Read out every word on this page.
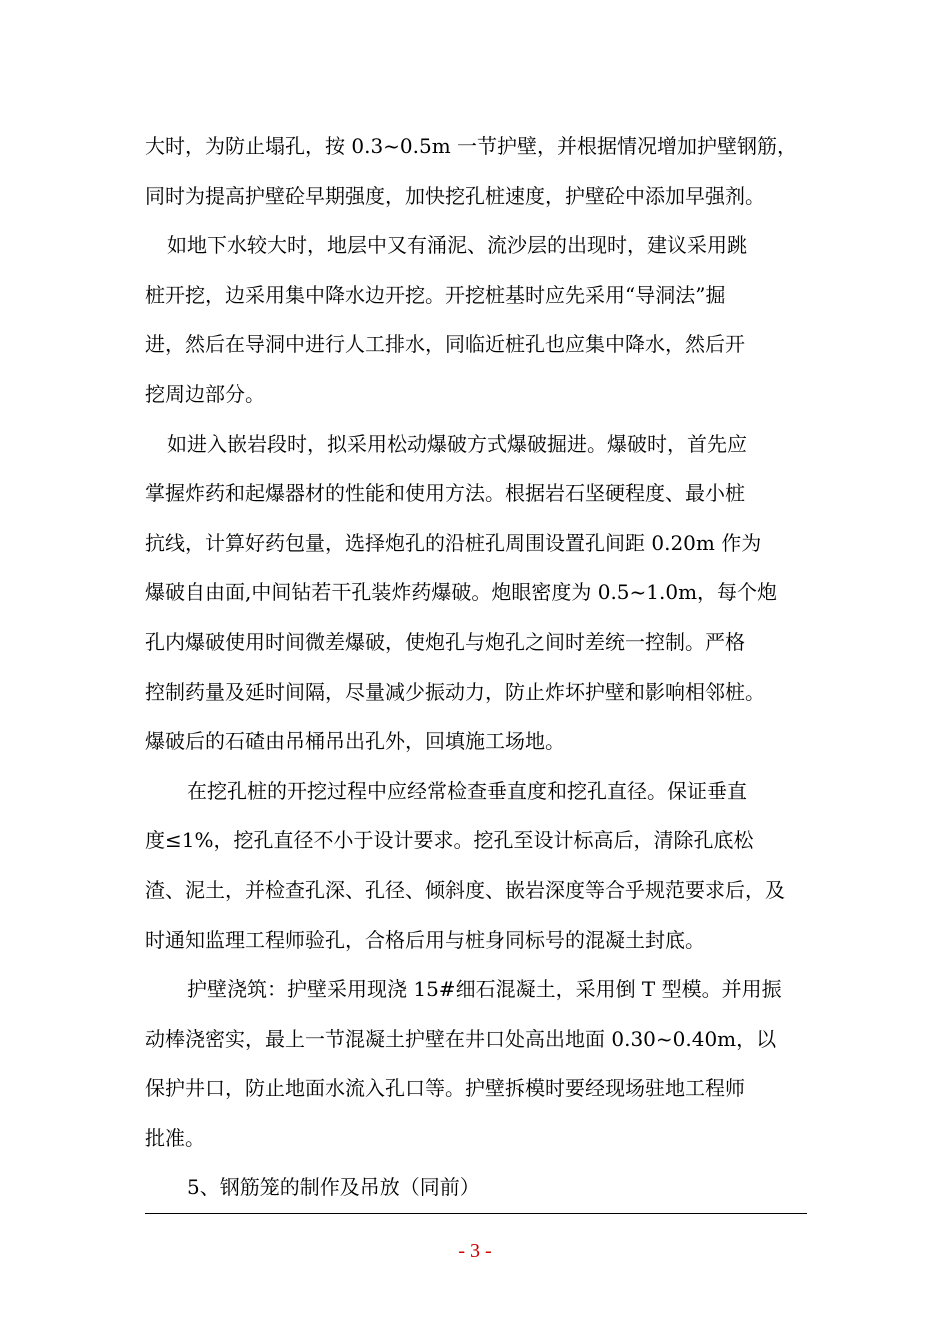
大时，为防止塌孔，按 0.3~0.5m 一节护壁，并根据情况增加护壁钢筋，
同时为提高护壁砼早期强度，加快挖孔桩速度，护壁砼中添加早强剂。
如地下水较大时，地层中又有涌泥、流沙层的出现时，建议采用跳
桩开挖，边采用集中降水边开挖。开挖桩基时应先采用“导洞法”掘
进，然后在导洞中进行人工排水，同临近桩孔也应集中降水，然后开
挖周边部分。
如进入嵌岩段时，拟采用松动爆破方式爆破掘进。爆破时，首先应
掌握炸药和起爆器材的性能和使用方法。根据岩石坚硬程度、最小桩
抗线，计算好药包量，选择炮孔的沿桩孔周围设置孔间距 0.20m 作为
爆破自由面,中间钻若干孔装炸药爆破。炮眼密度为 0.5~1.0m，每个炮
孔内爆破使用时间微差爆破，使炮孔与炮孔之间时差统一控制。严格
控制药量及延时间隔，尽量减少振动力，防止炸坏护壁和影响相邻桩。
爆破后的石碴由吊桶吊出孔外，回填施工场地。
在挖孔桩的开挖过程中应经常检查垂直度和挖孔直径。保证垂直
度≤1%，挖孔直径不小于设计要求。挖孔至设计标高后，清除孔底松
渣、泥土，并检查孔深、孔径、倾斜度、嵌岩深度等合乎规范要求后，及
时通知监理工程师验孔，合格后用与桩身同标号的混凝土封底。
护壁浇筑：护壁采用现浇 15#细石混凝土，采用倒 T 型模。并用振
动棒浇密实，最上一节混凝土护壁在井口处高出地面 0.30~0.40m，以
保护井口，防止地面水流入孔口等。护壁拆模时要经现场驻地工程师
批准。
5、钢筋笼的制作及吊放（同前）
- 3 -
